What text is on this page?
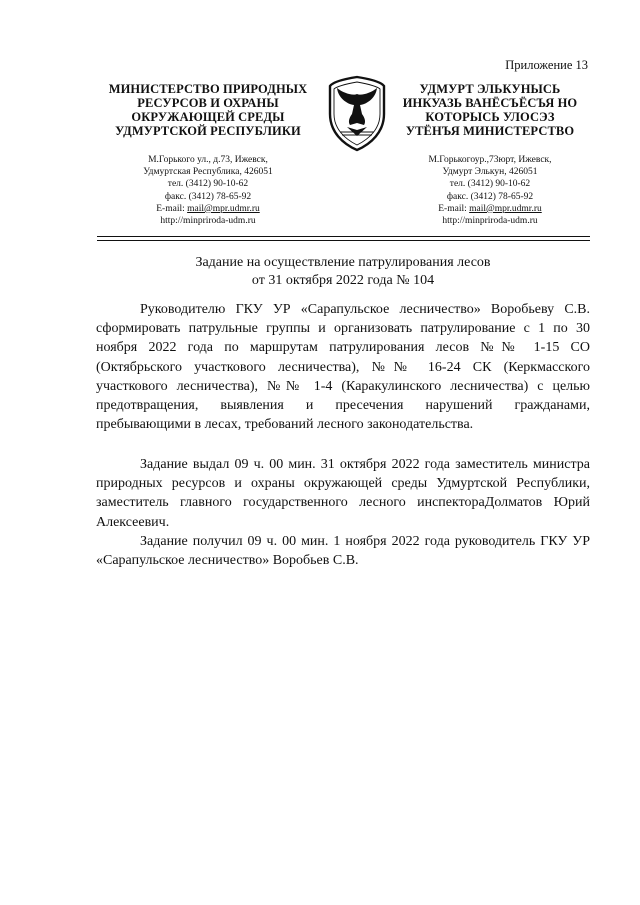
Приложение 13
МИНИСТЕРСТВО ПРИРОДНЫХ
РЕСУРСОВ И ОХРАНЫ
ОКРУЖАЮЩЕЙ СРЕДЫ
УДМУРТСКОЙ РЕСПУБЛИКИ
М.Горького ул., д.73, Ижевск,
Удмуртская Республика, 426051
тел. (3412) 90-10-62
факс. (3412) 78-65-92
E-mail: mail@mpr.udmr.ru
http://minpriroda-udm.ru
УДМУРТ ЭЛЬКУНЫСЬ
ИНКУАЗЬ ВАНЁСЪЁСЪЯ НО
КОТОРЫСЬ УЛОСЭЗ
УТЁНЪЯ МИНИСТЕРСТВО
М.Горькогоур.,73юрт, Ижевск,
Удмурт Элькун, 426051
тел. (3412) 90-10-62
факс. (3412) 78-65-92
E-mail: mail@mpr.udmr.ru
http://minpriroda-udm.ru
Задание на осуществление патрулирования лесов
от 31 октября 2022 года № 104

Руководителю ГКУ УР «Сарапульское лесничество» Воробьеву С.В. сформировать патрульные группы и организовать патрулирование с 1 по 30 ноября 2022 года по маршрутам патрулирования лесов №№ 1-15 СО (Октябрьского участкового лесничества), №№ 16-24 СК (Керкмасского участкового лесничества), №№ 1-4 (Каракулинского лесничества) с целью предотвращения, выявления и пресечения нарушений гражданами, пребывающими в лесах, требований лесного законодательства.

Задание выдал 09 ч. 00 мин. 31 октября 2022 года заместитель министра природных ресурсов и охраны окружающей среды Удмуртской Республики, заместитель главного государственного лесного инспектораДолматов Юрий Алексеевич.

Задание получил 09 ч. 00 мин. 1 ноября 2022 года руководитель ГКУ УР «Сарапульское лесничество» Воробьев С.В.
